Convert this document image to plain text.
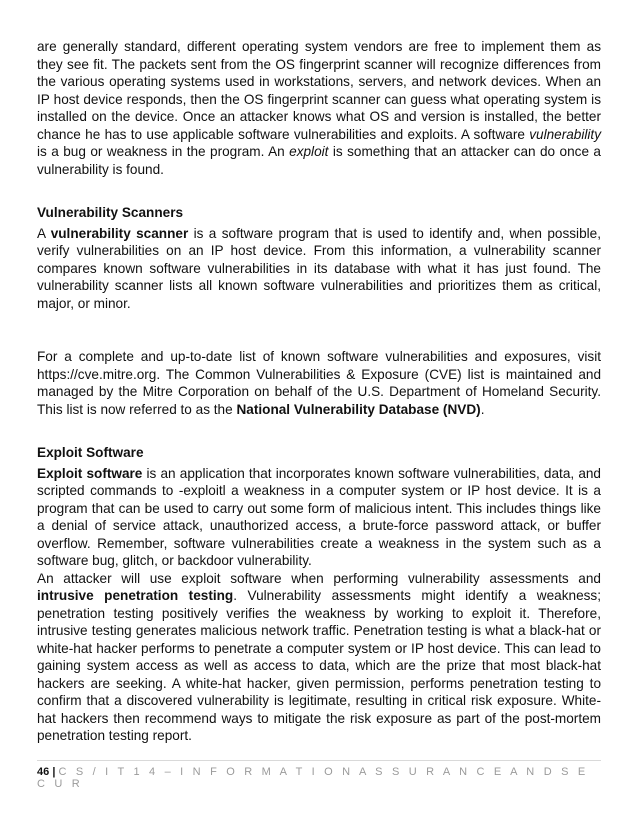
are generally standard, different operating system vendors are free to implement them as they see fit. The packets sent from the OS fingerprint scanner will recognize differences from the various operating systems used in workstations, servers, and network devices. When an IP host device responds, then the OS fingerprint scanner can guess what operating system is installed on the device. Once an attacker knows what OS and version is installed, the better chance he has to use applicable software vulnerabilities and exploits. A software vulnerability is a bug or weakness in the program. An exploit is something that an attacker can do once a vulnerability is found.

Vulnerability Scanners

A vulnerability scanner is a software program that is used to identify and, when possible, verify vulnerabilities on an IP host device. From this information, a vulnerability scanner compares known software vulnerabilities in its database with what it has just found. The vulnerability scanner lists all known software vulnerabilities and prioritizes them as critical, major, or minor.

For a complete and up-to-date list of known software vulnerabilities and exposures, visit https://cve.mitre.org. The Common Vulnerabilities & Exposure (CVE) list is maintained and managed by the Mitre Corporation on behalf of the U.S. Department of Homeland Security. This list is now referred to as the National Vulnerability Database (NVD).

Exploit Software

Exploit software is an application that incorporates known software vulnerabilities, data, and scripted commands to -exploitl a weakness in a computer system or IP host device. It is a program that can be used to carry out some form of malicious intent. This includes things like a denial of service attack, unauthorized access, a brute-force password attack, or buffer overflow. Remember, software vulnerabilities create a weakness in the system such as a software bug, glitch, or backdoor vulnerability.

An attacker will use exploit software when performing vulnerability assessments and intrusive penetration testing. Vulnerability assessments might identify a weakness; penetration testing positively verifies the weakness by working to exploit it. Therefore, intrusive testing generates malicious network traffic. Penetration testing is what a black-hat or white-hat hacker performs to penetrate a computer system or IP host device. This can lead to gaining system access as well as access to data, which are the prize that most black-hat hackers are seeking. A white-hat hacker, given permission, performs penetration testing to confirm that a discovered vulnerability is legitimate, resulting in critical risk exposure. White-hat hackers then recommend ways to mitigate the risk exposure as part of the post-mortem penetration testing report.

46 | C S / I T 1 4 – I N F O R M A T I O N A S S U R A N C E A N D S E C U R
